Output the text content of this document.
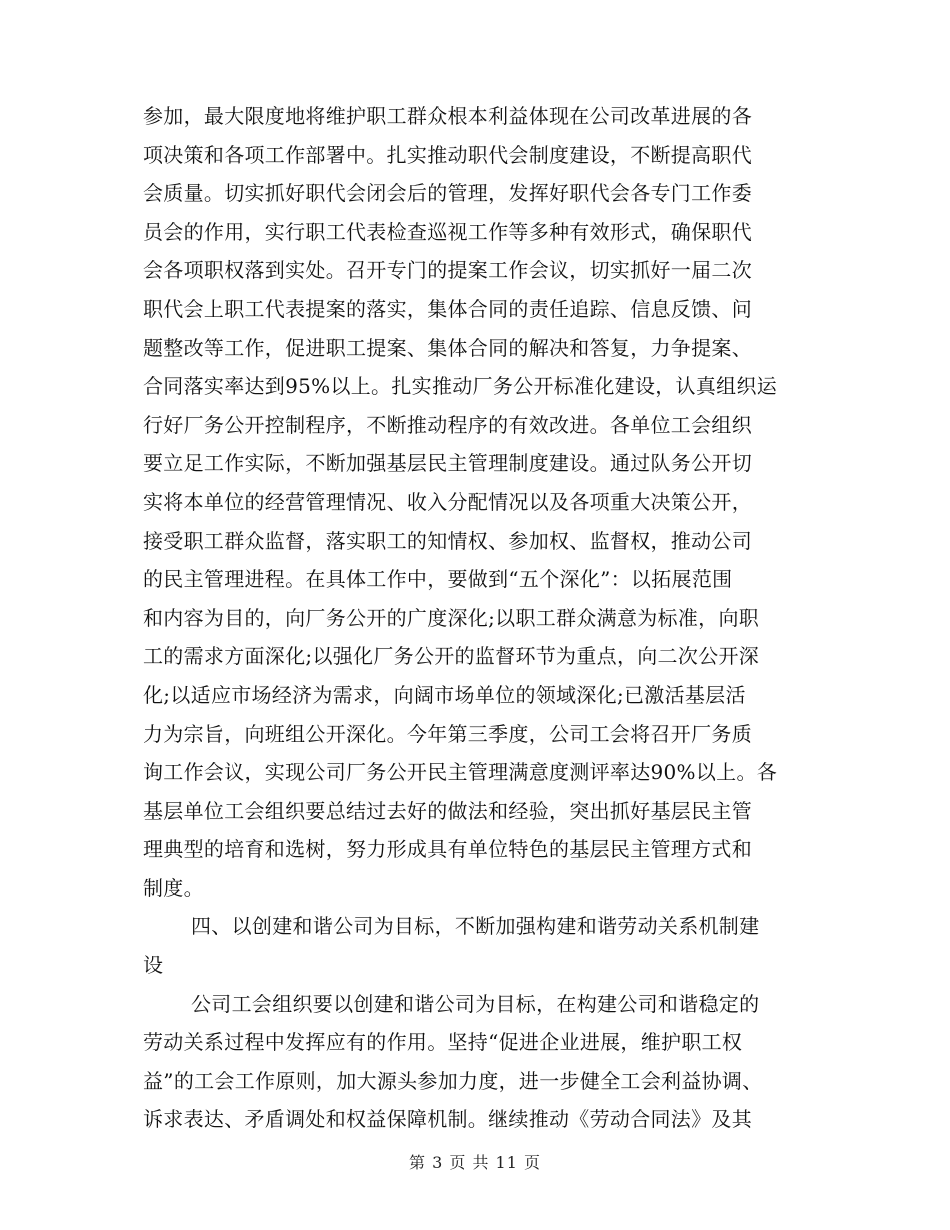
参加，最大限度地将维护职工群众根本利益体现在公司改革进展的各
项决策和各项工作部署中。扎实推动职代会制度建设，不断提高职代
会质量。切实抓好职代会闭会后的管理，发挥好职代会各专门工作委
员会的作用，实行职工代表检查巡视工作等多种有效形式，确保职代
会各项职权落到实处。召开专门的提案工作会议，切实抓好一届二次
职代会上职工代表提案的落实，集体合同的责任追踪、信息反馈、问
题整改等工作，促进职工提案、集体合同的解决和答复，力争提案、
合同落实率达到95%以上。扎实推动厂务公开标准化建设，认真组织运
行好厂务公开控制程序，不断推动程序的有效改进。各单位工会组织
要立足工作实际，不断加强基层民主管理制度建设。通过队务公开切
实将本单位的经营管理情况、收入分配情况以及各项重大决策公开，
接受职工群众监督，落实职工的知情权、参加权、监督权，推动公司
的民主管理进程。在具体工作中，要做到“五个深化”：以拓展范围
和内容为目的，向厂务公开的广度深化;以职工群众满意为标准，向职
工的需求方面深化;以强化厂务公开的监督环节为重点，向二次公开深
化;以适应市场经济为需求，向阔市场单位的领域深化;已激活基层活
力为宗旨，向班组公开深化。今年第三季度，公司工会将召开厂务质
询工作会议，实现公司厂务公开民主管理满意度测评率达90%以上。各
基层单位工会组织要总结过去好的做法和经验，突出抓好基层民主管
理典型的培育和选树，努力形成具有单位特色的基层民主管理方式和
制度。
四、以创建和谐公司为目标，不断加强构建和谐劳动关系机制建
设
公司工会组织要以创建和谐公司为目标，在构建公司和谐稳定的
劳动关系过程中发挥应有的作用。坚持“促进企业进展，维护职工权
益”的工会工作原则，加大源头参加力度，进一步健全工会利益协调、
诉求表达、矛盾调处和权益保障机制。继续推动《劳动合同法》及其
第 3 页 共 11 页
